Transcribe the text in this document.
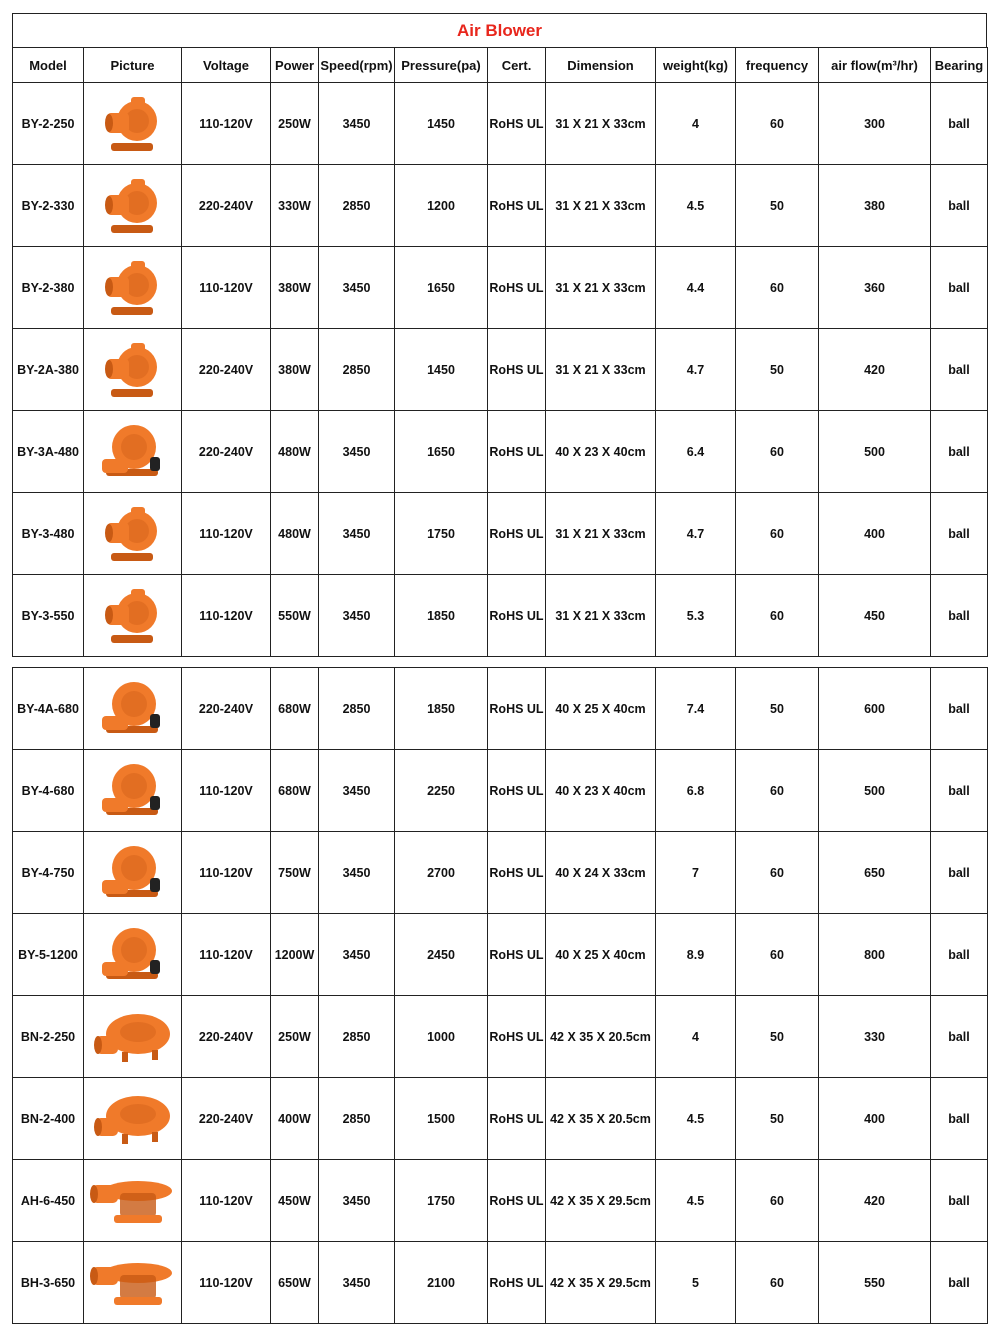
Air Blower
Model	Picture	Voltage	Power	Speed(rpm)	Pressure(pa)	Cert.	Dimension	weight(kg)	frequency	air flow(m³/hr)	Bearing
BY-2-250		110-120V	250W	3450	1450	RoHS UL	31 X 21 X 33cm	4	60	300	ball
BY-2-330		220-240V	330W	2850	1200	RoHS UL	31 X 21 X 33cm	4.5	50	380	ball
BY-2-380		110-120V	380W	3450	1650	RoHS UL	31 X 21 X 33cm	4.4	60	360	ball
BY-2A-380		220-240V	380W	2850	1450	RoHS UL	31 X 21 X 33cm	4.7	50	420	ball
BY-3A-480		220-240V	480W	3450	1650	RoHS UL	40 X 23 X 40cm	6.4	60	500	ball
BY-3-480		110-120V	480W	3450	1750	RoHS UL	31 X 21 X 33cm	4.7	60	400	ball
BY-3-550		110-120V	550W	3450	1850	RoHS UL	31 X 21 X 33cm	5.3	60	450	ball
BY-4A-680		220-240V	680W	2850	1850	RoHS UL	40 X 25 X 40cm	7.4	50	600	ball
BY-4-680		110-120V	680W	3450	2250	RoHS UL	40 X 23 X 40cm	6.8	60	500	ball
BY-4-750		110-120V	750W	3450	2700	RoHS UL	40 X 24 X 33cm	7	60	650	ball
BY-5-1200		110-120V	1200W	3450	2450	RoHS UL	40 X 25 X 40cm	8.9	60	800	ball
BN-2-250		220-240V	250W	2850	1000	RoHS UL	42 X 35 X 20.5cm	4	50	330	ball
BN-2-400		220-240V	400W	2850	1500	RoHS UL	42 X 35 X 20.5cm	4.5	50	400	ball
AH-6-450		110-120V	450W	3450	1750	RoHS UL	42 X 35 X 29.5cm	4.5	60	420	ball
BH-3-650		110-120V	650W	3450	2100	RoHS UL	42 X 35 X 29.5cm	5	60	550	ball
